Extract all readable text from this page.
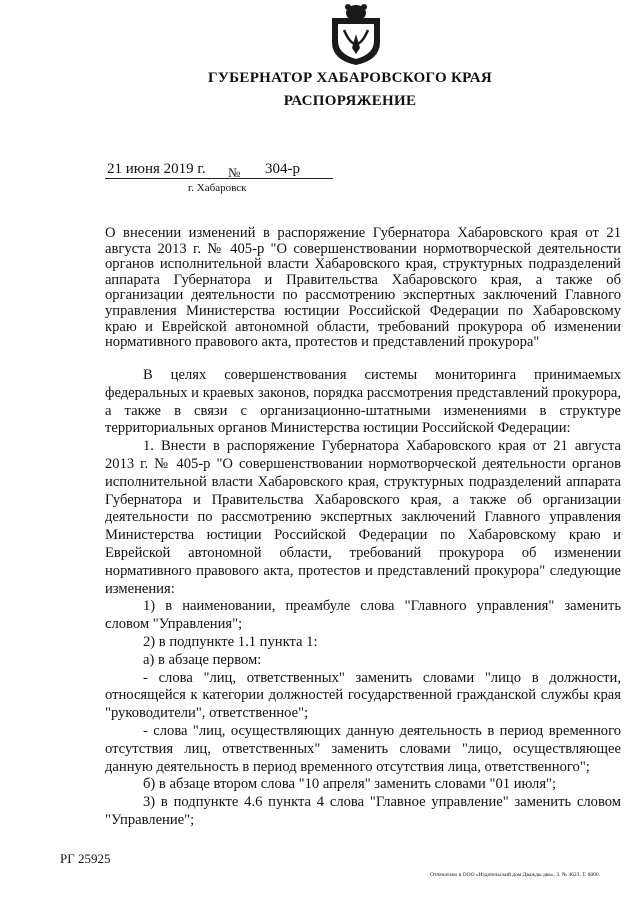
ГУБЕРНАТОР ХАБАРОВСКОГО КРАЯ
РАСПОРЯЖЕНИЕ
21 июня 2019 г. № 304-р
г. Хабаровск
О внесении изменений в распоряжение Губернатора Хабаровского края от 21 августа 2013 г. № 405-р "О совершенствовании нормотворческой деятельности органов исполнительной власти Хабаровского края, структурных подразделений аппарата Губернатора и Правительства Хабаровского края, а также об организации деятельности по рассмотрению экспертных заключений Главного управления Министерства юстиции Российской Федерации по Хабаровскому краю и Еврейской автономной области, требований прокурора об изменении нормативного правового акта, протестов и представлений прокурора"

В целях совершенствования системы мониторинга принимаемых федеральных и краевых законов, порядка рассмотрения представлений прокурора, а также в связи с организационно-штатными изменениями в структуре территориальных органов Министерства юстиции Российской Федерации:

1. Внести в распоряжение Губернатора Хабаровского края от 21 августа 2013 г. № 405-р "О совершенствовании нормотворческой деятельности органов исполнительной власти Хабаровского края, структурных подразделений аппарата Губернатора и Правительства Хабаровского края, а также об организации деятельности по рассмотрению экспертных заключений Главного управления Министерства юстиции Российской Федерации по Хабаровскому краю и Еврейской автономной области, требований прокурора об изменении нормативного правового акта, протестов и представлений прокурора" следующие изменения:

1) в наименовании, преамбуле слова "Главного управления" заменить словом "Управления";

2) в подпункте 1.1 пункта 1:

а) в абзаце первом:

- слова "лиц, ответственных" заменить словами "лицо в должности, относящейся к категории должностей государственной гражданской службы края "руководители", ответственное";

- слова "лиц, осуществляющих данную деятельность в период временного отсутствия лиц, ответственных" заменить словами "лицо, осуществляющее данную деятельность в период временного отсутствия лица, ответственного";

б) в абзаце втором слова "10 апреля" заменить словами "01 июля";

3) в подпункте 4.6 пункта 4 слова "Главное управление" заменить словом "Управление";

РГ 25925
Отпечатано в ООО «Издательский дом Дважды два». З. № 4623. Т. 6000.
